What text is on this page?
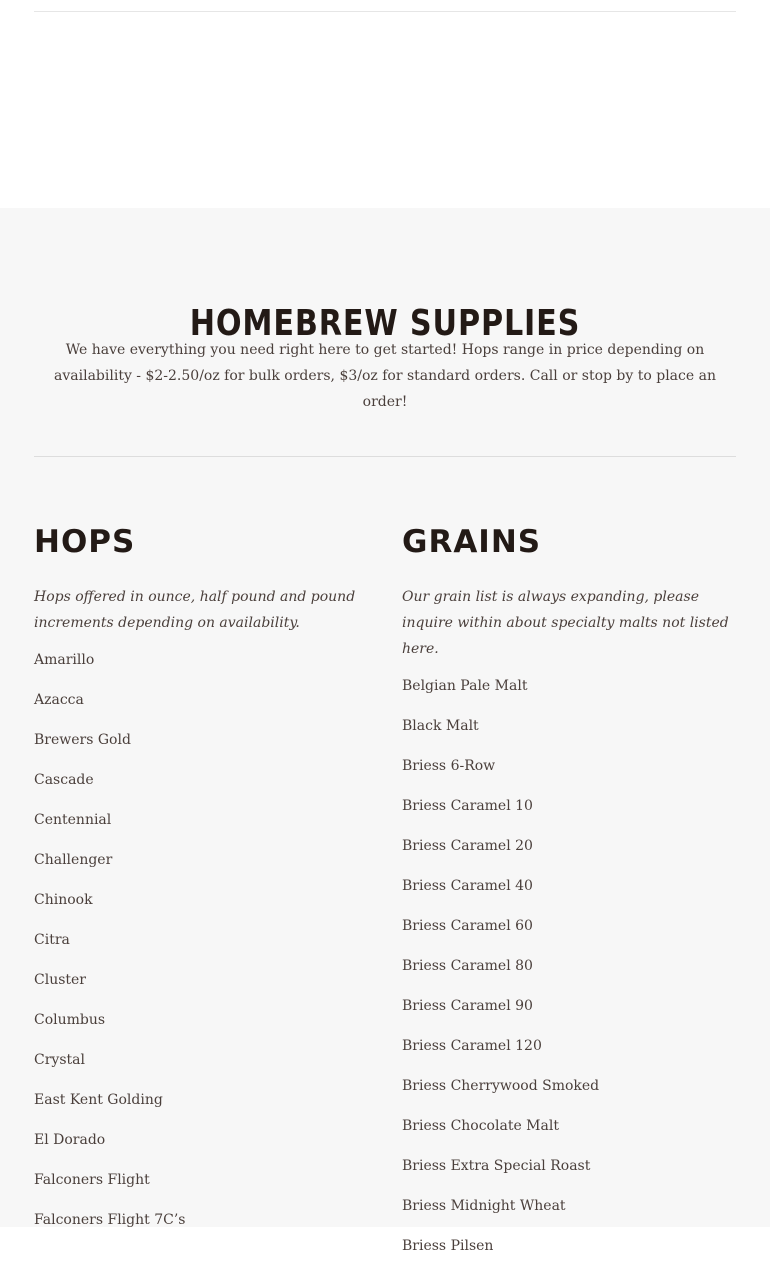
HOMEBREW SUPPLIES

We have everything you need right here to get started! Hops range in price depending on availability - $2-2.50/oz for bulk orders, $3/oz for standard orders. Call or stop by to place an order!

HOPS
Hops offered in ounce, half pound and pound increments depending on availability.
Amarillo
Azacca
Brewers Gold
Cascade
Centennial
Challenger
Chinook
Citra
Cluster
Columbus
Crystal
East Kent Golding
El Dorado
Falconers Flight
Falconers Flight 7C’s
GRAINS
Our grain list is always expanding, please inquire within about specialty malts not listed here.
Belgian Pale Malt
Black Malt
Briess 6-Row
Briess Caramel 10
Briess Caramel 20
Briess Caramel 40
Briess Caramel 60
Briess Caramel 80
Briess Caramel 90
Briess Caramel 120
Briess Cherrywood Smoked
Briess Chocolate Malt
Briess Extra Special Roast
Briess Midnight Wheat
Briess Pilsen
